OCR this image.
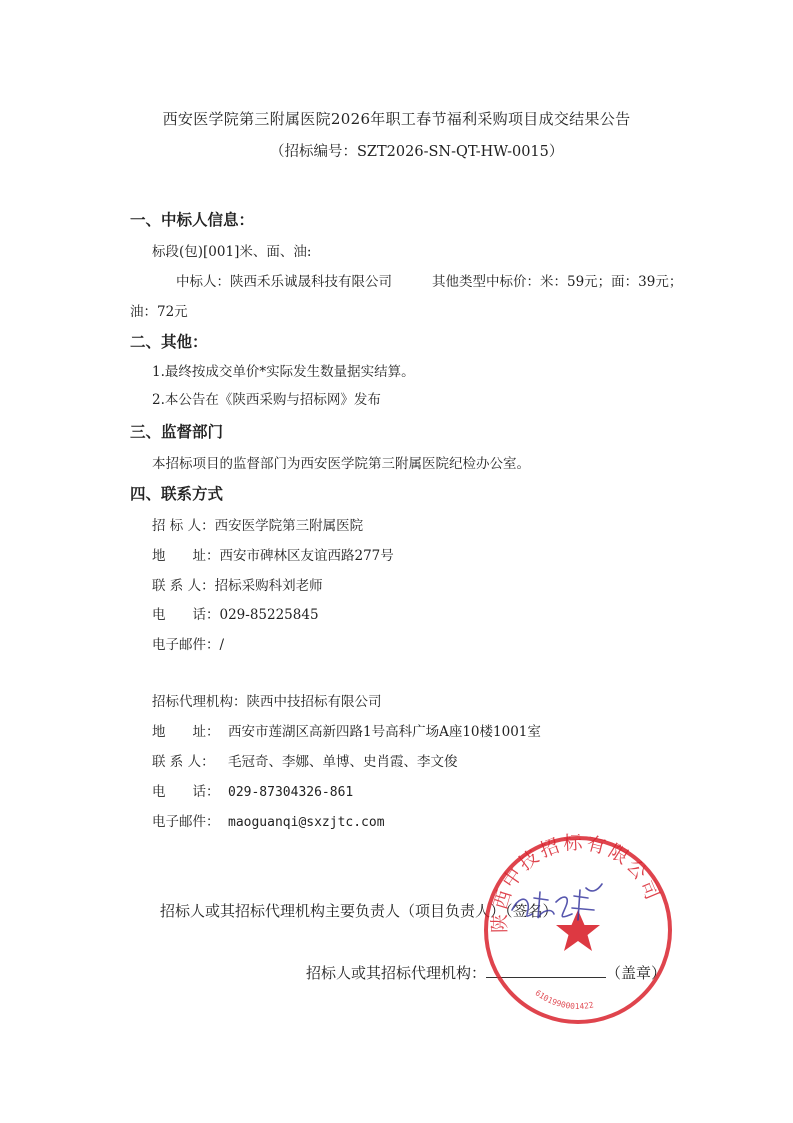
西安医学院第三附属医院2026年职工春节福利采购项目成交结果公告
（招标编号：SZT2026-SN-QT-HW-0015）
一、中标人信息：
标段(包)[001]米、面、油:
中标人：陕西禾乐诚晟科技有限公司	其他类型中标价：米：59元；面：39元；
油：72元
二、其他：
1.最终按成交单价*实际发生数量据实结算。
2.本公告在《陕西采购与招标网》发布
三、监督部门
本招标项目的监督部门为西安医学院第三附属医院纪检办公室。
四、联系方式
招 标 人：西安医学院第三附属医院
地　　址：西安市碑林区友谊西路277号
联 系 人：招标采购科刘老师
电　　话：029-85225845
电子邮件：/
招标代理机构：陕西中技招标有限公司
地　　址： 西安市莲湖区高新四路1号高科广场A座10楼1001室
联 系 人： 毛冠奇、李娜、单博、史肖霞、李文俊
电　　话： 029-87304326-861
电子邮件： maoguanqi@sxzjtc.com
招标人或其招标代理机构主要负责人（项目负责人）（签名）
招标人或其招标代理机构：	（盖章）
陕西中技招标有限公司
6101990001422
